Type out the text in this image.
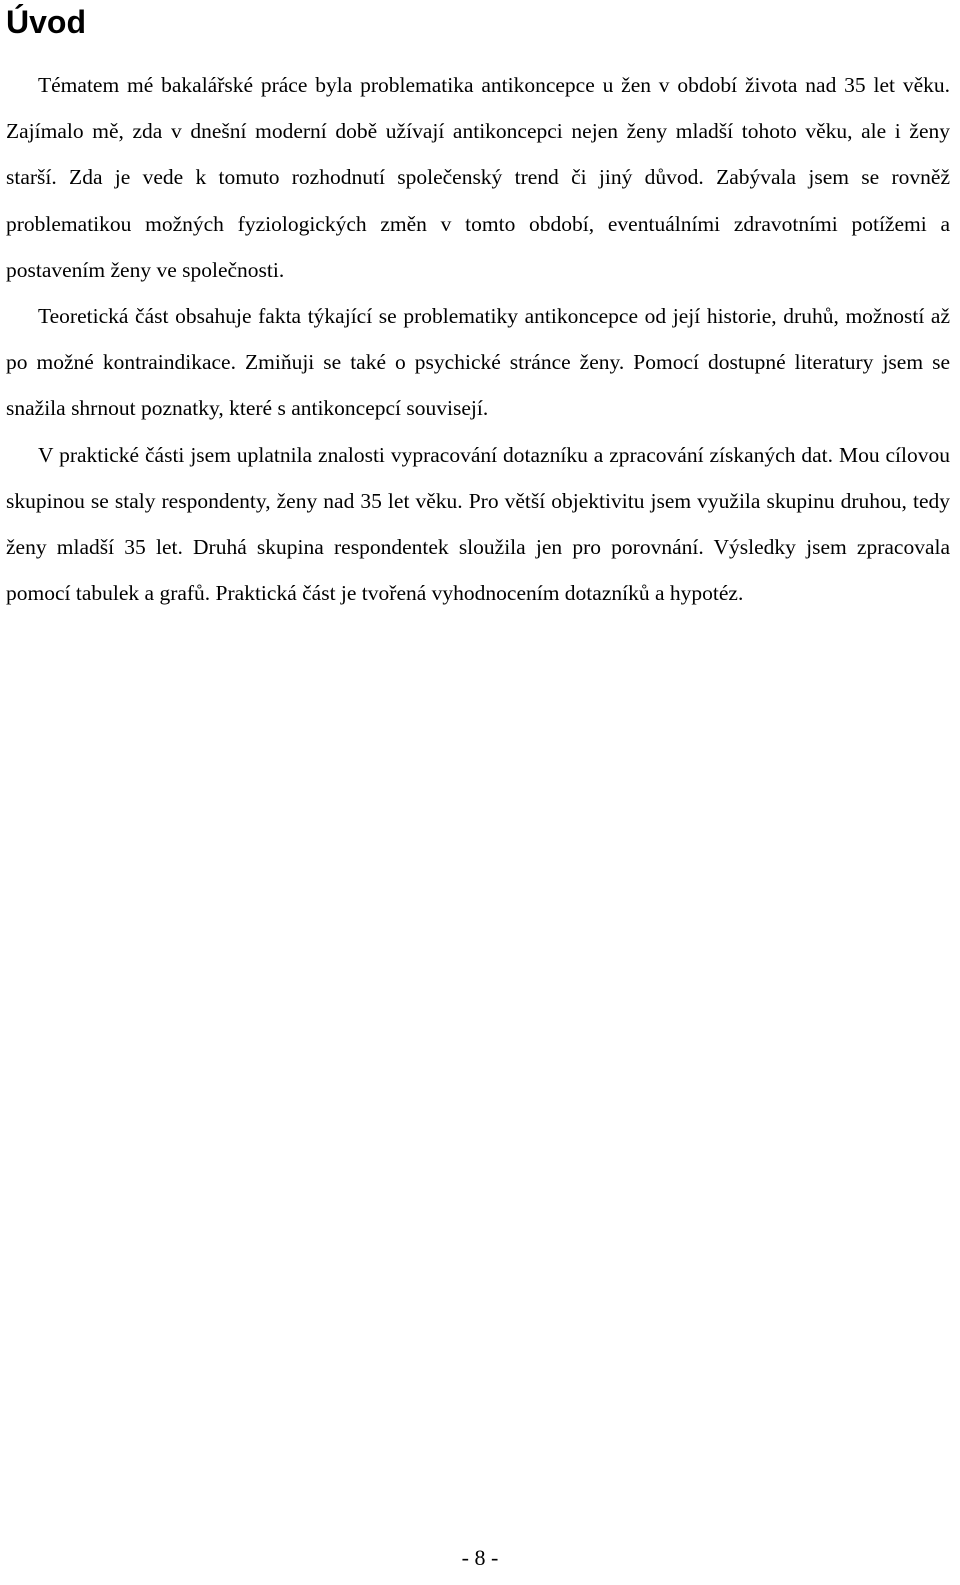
Úvod

Tématem mé bakalářské práce byla problematika antikoncepce u žen v období života nad 35 let věku. Zajímalo mě, zda v dnešní moderní době užívají antikoncepci nejen ženy mladší tohoto věku, ale i ženy starší. Zda je vede k tomuto rozhodnutí společenský trend či jiný důvod. Zabývala jsem se rovněž problematikou možných fyziologických změn v tomto období, eventuálními zdravotními potížemi a postavením ženy ve společnosti.

Teoretická část obsahuje fakta týkající se problematiky antikoncepce od její historie, druhů, možností až po možné kontraindikace. Zmiňuji se také o psychické stránce ženy. Pomocí dostupné literatury jsem se snažila shrnout poznatky, které s antikoncepcí souvisejí.

V praktické části jsem uplatnila znalosti vypracování dotazníku a zpracování získaných dat. Mou cílovou skupinou se staly respondenty, ženy nad 35 let věku. Pro větší objektivitu jsem využila skupinu druhou, tedy ženy mladší 35 let. Druhá skupina respondentek sloužila jen pro porovnání. Výsledky jsem zpracovala pomocí tabulek a grafů. Praktická část je tvořená vyhodnocením dotazníků a hypotéz.

- 8 -
